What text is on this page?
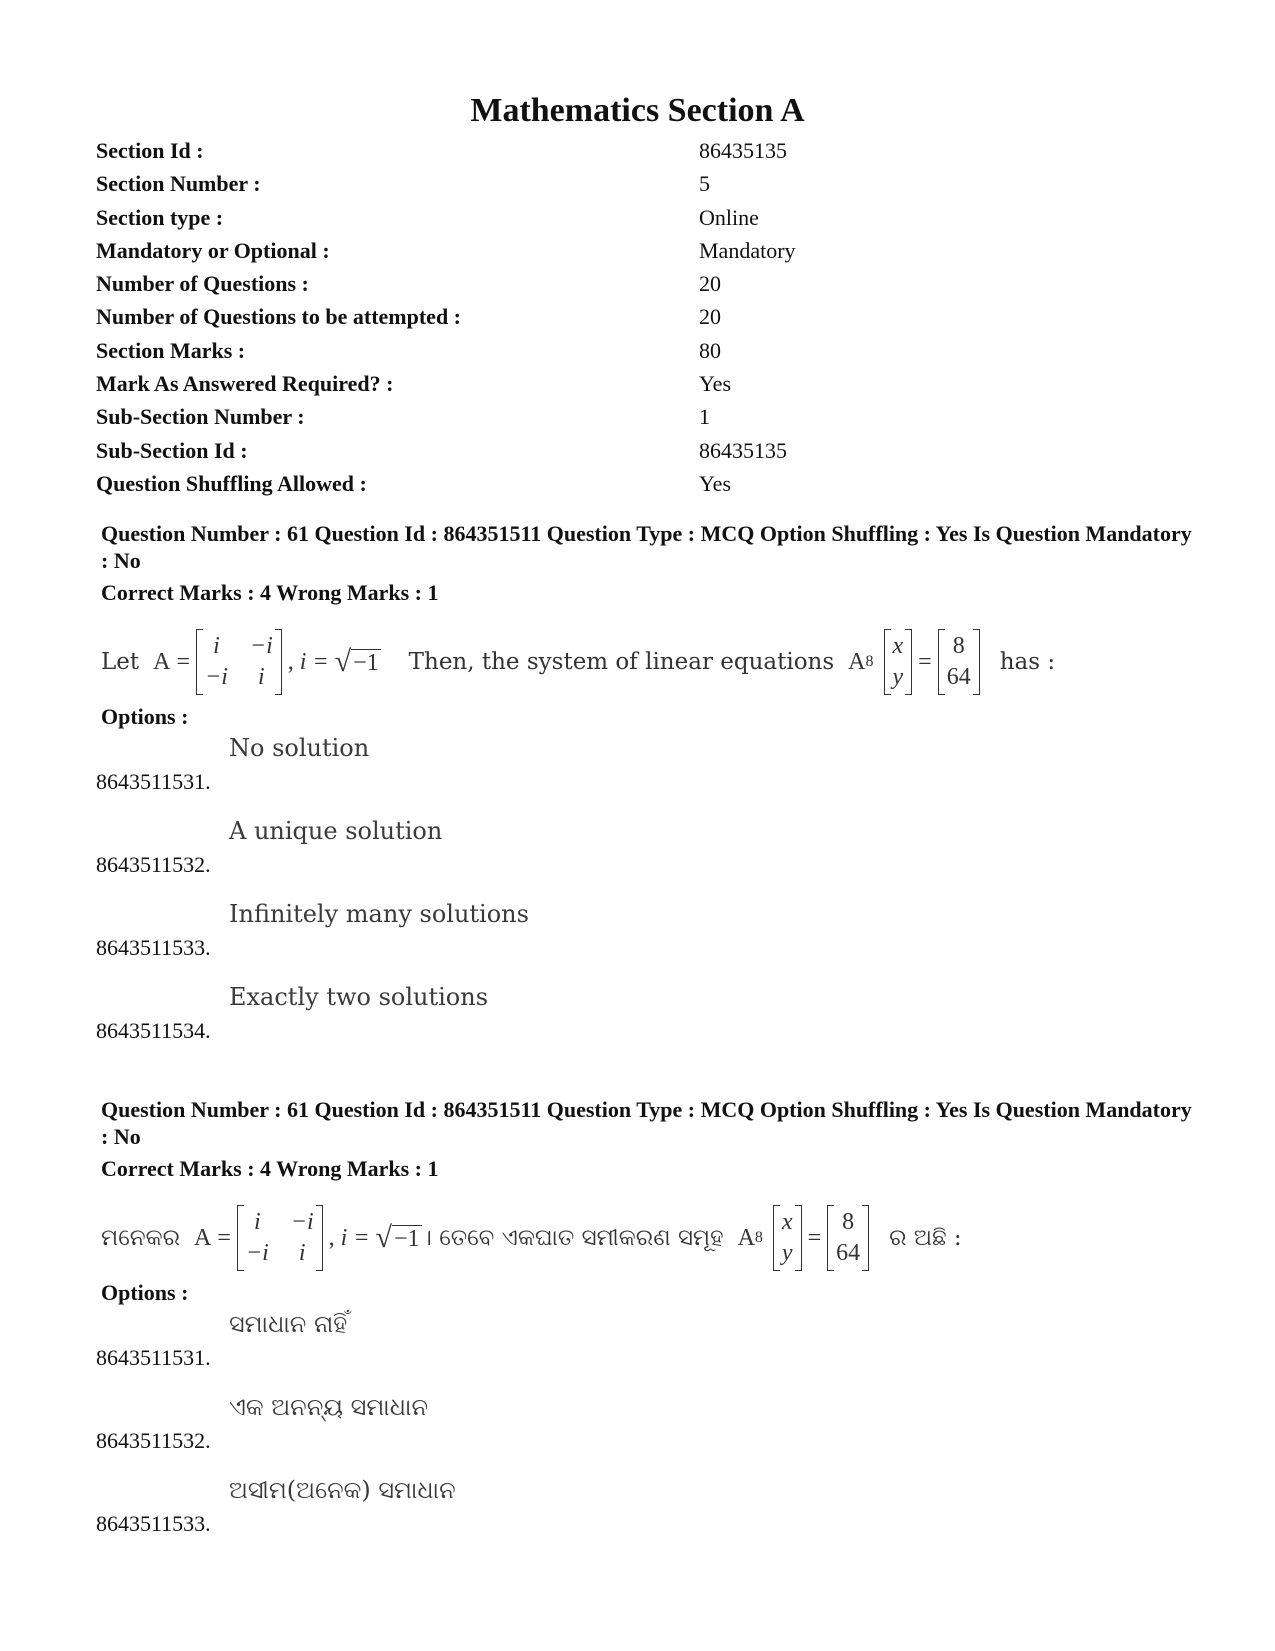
Mathematics Section A
Section Id :	86435135
Section Number :	5
Section type :	Online
Mandatory or Optional :	Mandatory
Number of Questions :	20
Number of Questions to be attempted :	20
Section Marks :	80
Mark As Answered Required? :	Yes
Sub-Section Number :	1
Sub-Section Id :	86435135
Question Shuffling Allowed :	Yes
Question Number : 61 Question Id : 864351511 Question Type : MCQ Option Shuffling : Yes Is Question Mandatory : No
Correct Marks : 4 Wrong Marks : 1
Let A
=
i	−i
−i	i
, i =
√ −1 Then, the system of linear equations A 8
x
y
=
8
64
has :
Options :
8643511531.
No solution
8643511532.
A unique solution
8643511533.
Infinitely many solutions
8643511534.
Exactly two solutions
Question Number : 61 Question Id : 864351511 Question Type : MCQ Option Shuffling : Yes Is Question Mandatory : No
Correct Marks : 4 Wrong Marks : 1
ମନେକର A
=
i	−i
−i	i
, i =
√ −1 । ତେବେ ଏକଘାତ ସମୀକରଣ ସମୂହ A 8
x
y
=
8
64
ର ଅଛି :
Options :
8643511531.
ସମାଧାନ ନାହିଁ
8643511532.
ଏକ ଅନନ୍ୟ ସମାଧାନ
8643511533.
ଅସୀମ(ଅନେକ) ସମାଧାନ
